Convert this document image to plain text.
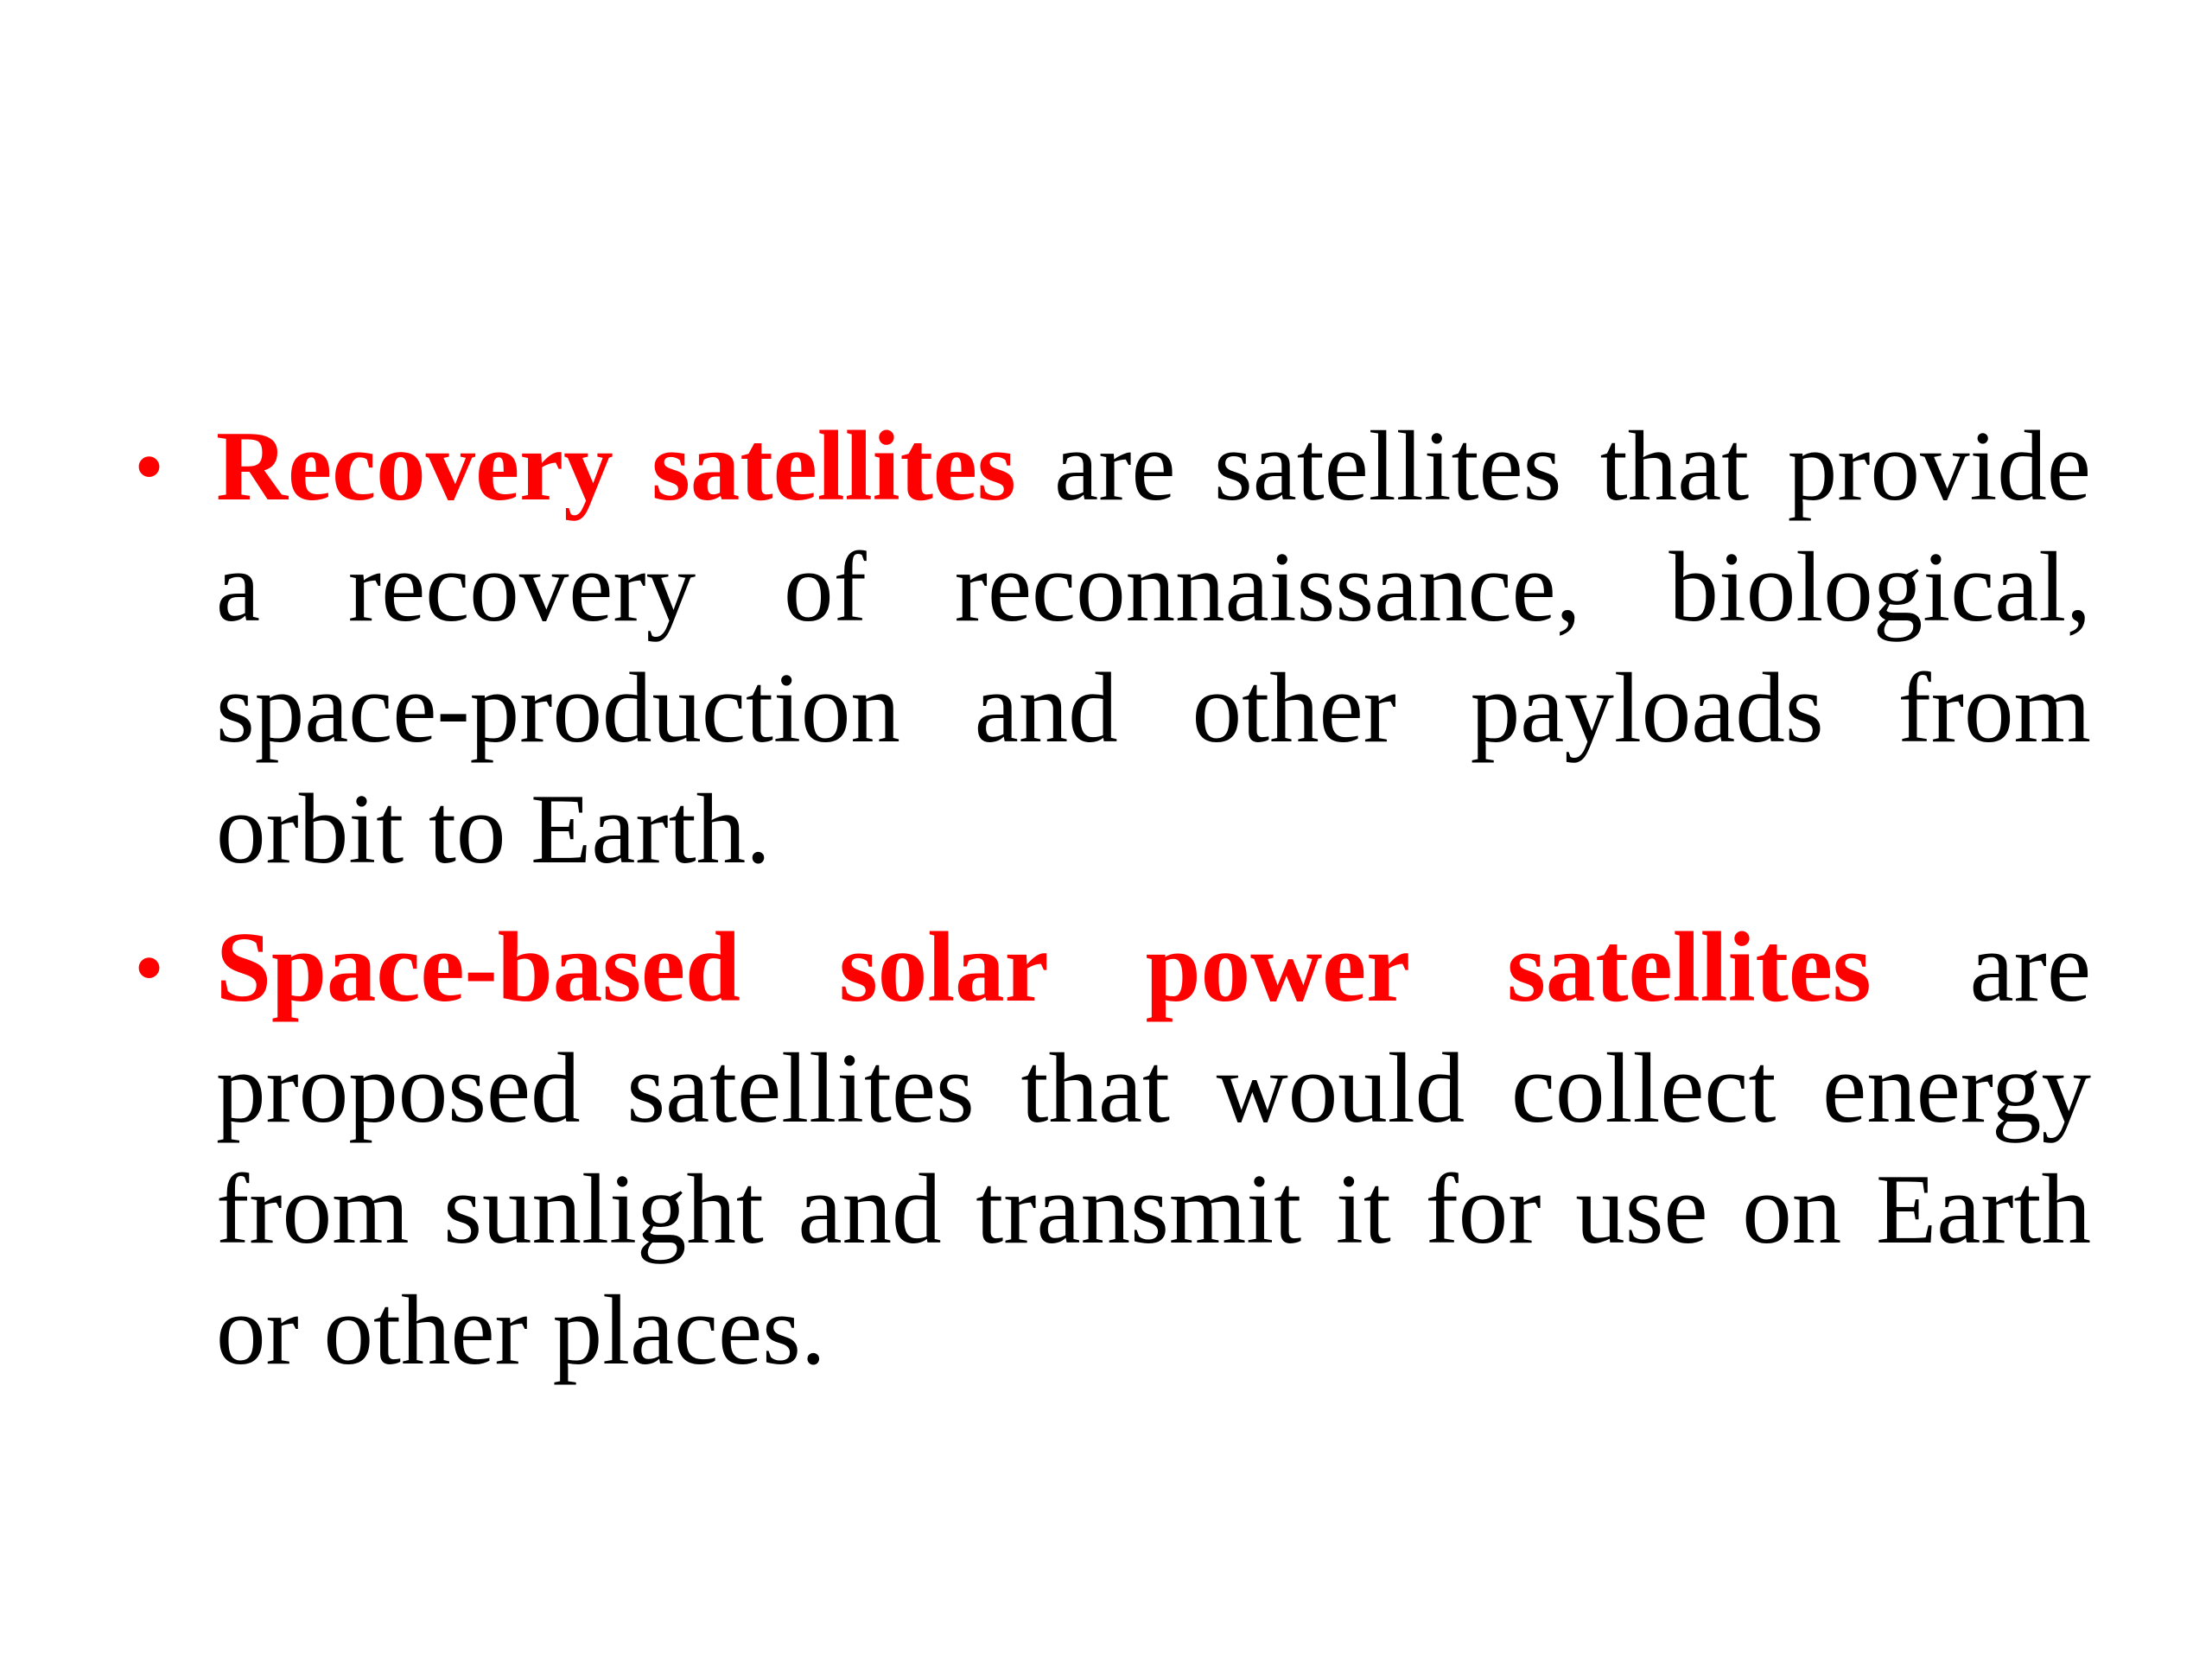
• Recovery satellites are satellites that provide a recovery of reconnaissance, biological, space-production and other payloads from orbit to Earth.
• Space-based solar power satellites are proposed satellites that would collect energy from sunlight and transmit it for use on Earth or other places.
